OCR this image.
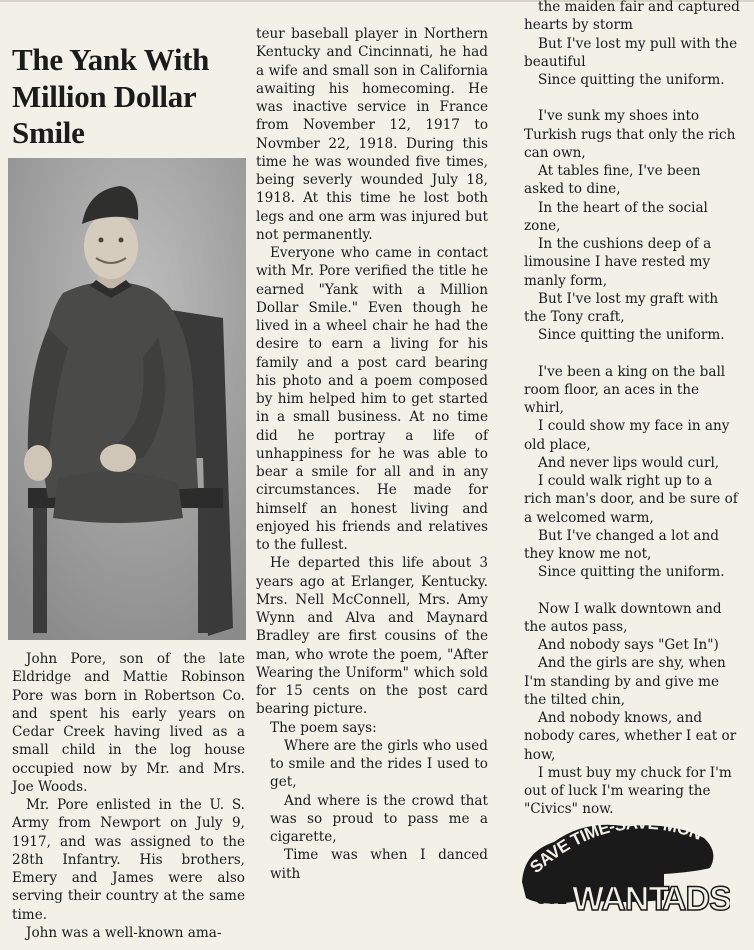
The Yank With
Million Dollar
Smile

John Pore, son of the late Eldridge and Mattie Robinson Pore was born in Robertson Co. and spent his early years on Cedar Creek having lived as a small child in the log house occupied now by Mr. and Mrs. Joe Woods.

Mr. Pore enlisted in the U. S. Army from Newport on July 9, 1917, and was assigned to the 28th Infantry. His brothers, Emery and James were also serving their country at the same time.

John was a well-known ama-

teur baseball player in Northern Kentucky and Cincinnati, he had a wife and small son in California awaiting his homecoming. He was inactive service in France from November 12, 1917 to Novmber 22, 1918. During this time he was wounded five times, being severly wounded July 18, 1918. At this time he lost both legs and one arm was injured but not permanently.

Everyone who came in contact with Mr. Pore verified the title he earned "Yank with a Million Dollar Smile." Even though he lived in a wheel chair he had the desire to earn a living for his family and a post card bearing his photo and a poem composed by him helped him to get started in a small business. At no time did he portray a life of unhappiness for he was able to bear a smile for all and in any circumstances. He made for himself an honest living and enjoyed his friends and relatives to the fullest.

He departed this life about 3 years ago at Erlanger, Kentucky. Mrs. Nell McConnell, Mrs. Amy Wynn and Alva and Maynard Bradley are first cousins of the man, who wrote the poem, "After Wearing the Uniform" which sold for 15 cents on the post card bearing picture.

The poem says:

Where are the girls who used to smile and the rides I used to get,

And where is the crowd that was so proud to pass me a cigarette,

Time was when I danced with

the maiden fair and captured hearts by storm

But I've lost my pull with the beautiful

Since quitting the uniform.

I've sunk my shoes into Turkish rugs that only the rich can own,

At tables fine, I've been asked to dine,

In the heart of the social zone,

In the cushions deep of a limousine I have rested my manly form,

But I've lost my graft with the Tony craft,

Since quitting the uniform.

I've been a king on the ball room floor, an aces in the whirl,

I could show my face in any old place,

And never lips would curl,

I could walk right up to a rich man's door, and be sure of a welcomed warm,

But I've changed a lot and they know me not,

Since quitting the uniform.

Now I walk downtown and the autos pass,

And nobody says "Get In")

And the girls are shy, when I'm standing by and give me the tilted chin,

And nobody knows, and nobody cares, whether I eat or how,

I must buy my chuck for I'm out of luck I'm wearing the "Civics" now.

SAVE TIME-SAVE MON
USE WANT
ADS
